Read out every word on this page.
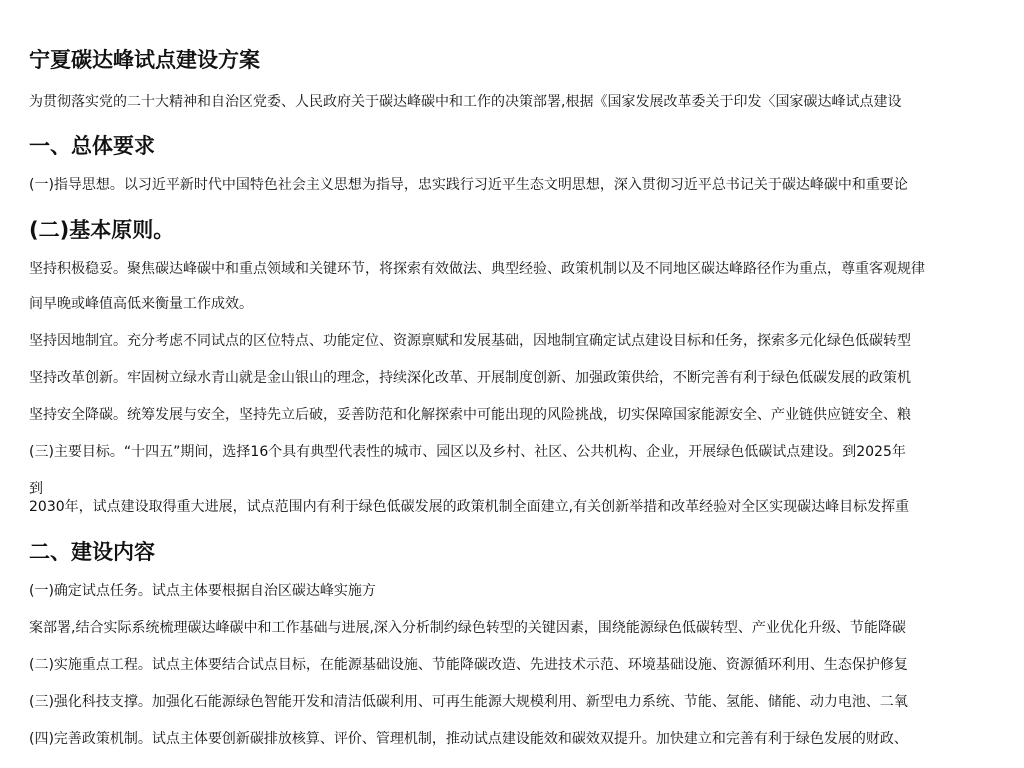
宁夏碳达峰试点建设方案

为贯彻落实党的二十大精神和自治区党委、人民政府关于碳达峰碳中和工作的决策部署,根据《国家发展改革委关于印发〈国家碳达峰试点建设

一、总体要求

(一)指导思想。以习近平新时代中国特色社会主义思想为指导，忠实践行习近平生态文明思想，深入贯彻习近平总书记关于碳达峰碳中和重要论

(二)基本原则。

坚持积极稳妥。聚焦碳达峰碳中和重点领域和关键环节，将探索有效做法、典型经验、政策机制以及不同地区碳达峰路径作为重点，尊重客观规律

间早晚或峰值高低来衡量工作成效。

坚持因地制宜。充分考虑不同试点的区位特点、功能定位、资源禀赋和发展基础，因地制宜确定试点建设目标和任务，探索多元化绿色低碳转型

坚持改革创新。牢固树立绿水青山就是金山银山的理念，持续深化改革、开展制度创新、加强政策供给，不断完善有利于绿色低碳发展的政策机

坚持安全降碳。统筹发展与安全，坚持先立后破，妥善防范和化解探索中可能出现的风险挑战，切实保障国家能源安全、产业链供应链安全、粮

(三)主要目标。“十四五”期间，选择16个具有典型代表性的城市、园区以及乡村、社区、公共机构、企业，开展绿色低碳试点建设。到2025年

到

2030年，试点建设取得重大进展，试点范围内有利于绿色低碳发展的政策机制全面建立,有关创新举措和改革经验对全区实现碳达峰目标发挥重

二、建设内容

(一)确定试点任务。试点主体要根据自治区碳达峰实施方

案部署,结合实际系统梳理碳达峰碳中和工作基础与进展,深入分析制约绿色转型的关键因素，围绕能源绿色低碳转型、产业优化升级、节能降碳

(二)实施重点工程。试点主体要结合试点目标，在能源基础设施、节能降碳改造、先进技术示范、环境基础设施、资源循环利用、生态保护修复

(三)强化科技支撑。加强化石能源绿色智能开发和清洁低碳利用、可再生能源大规模利用、新型电力系统、节能、氢能、储能、动力电池、二氧

(四)完善政策机制。试点主体要创新碳排放核算、评价、管理机制，推动试点建设能效和碳效双提升。加快建立和完善有利于绿色发展的财政、
